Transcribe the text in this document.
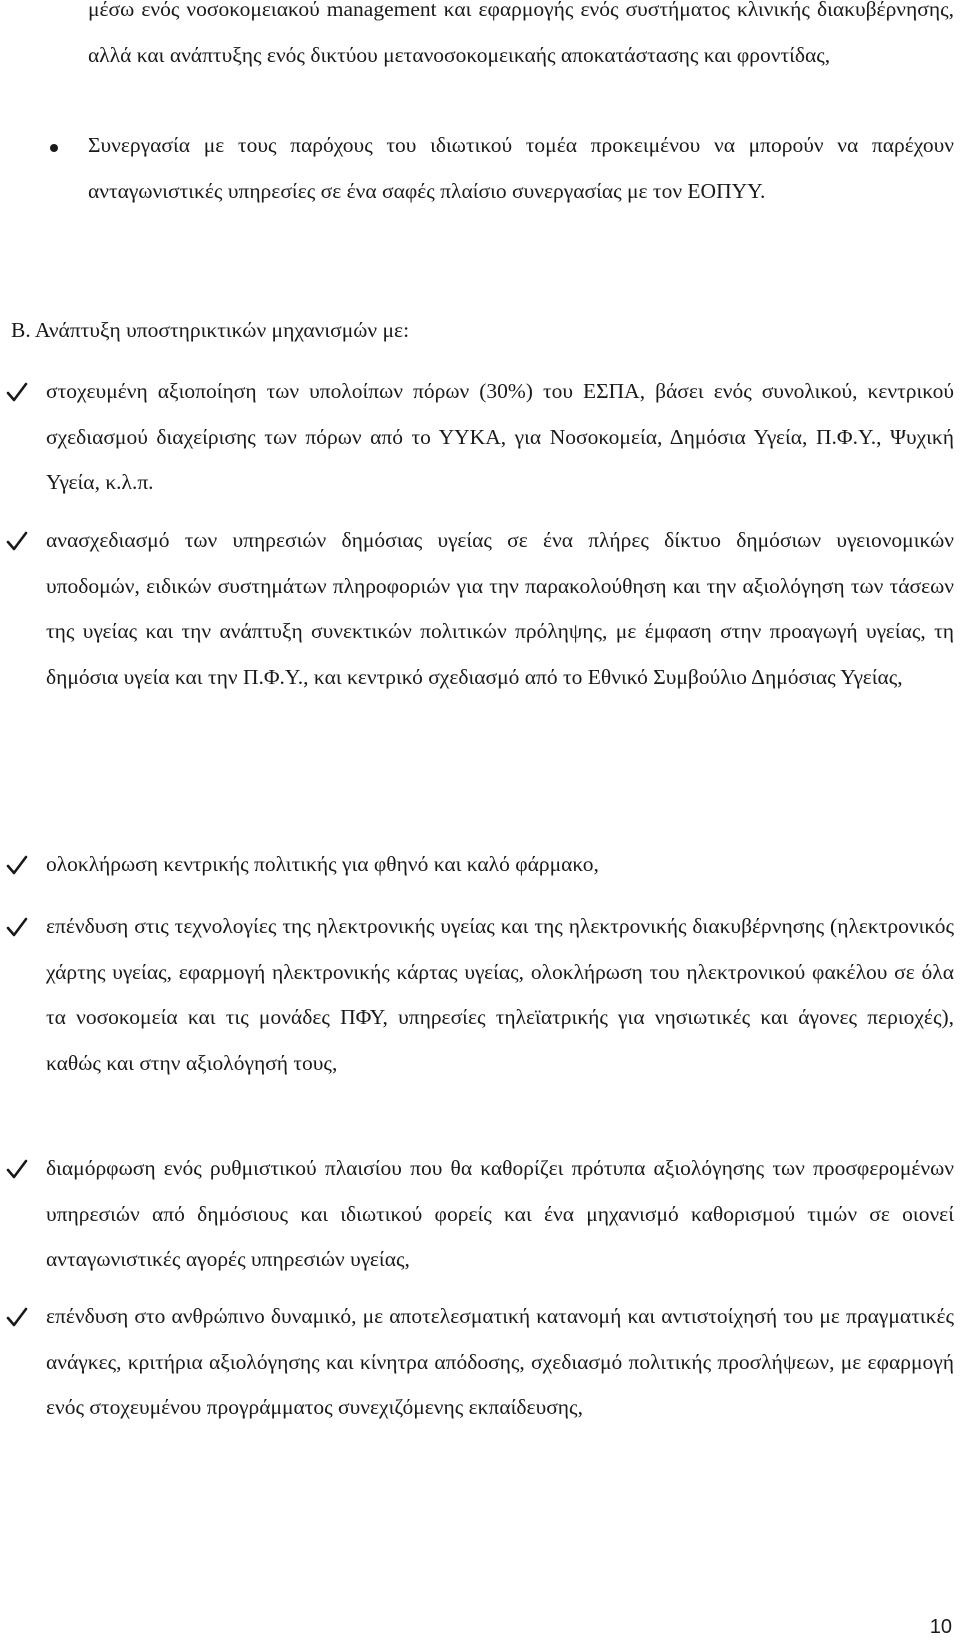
μέσω ενός νοσοκομειακού management και εφαρμογής ενός συστήματος κλινικής διακυβέρνησης, αλλά και ανάπτυξης ενός δικτύου μετανοσοκομεικαής αποκατάστασης και φροντίδας,

Συνεργασία με τους παρόχους του ιδιωτικού τομέα προκειμένου να μπορούν να παρέχουν ανταγωνιστικές υπηρεσίες σε ένα σαφές πλαίσιο συνεργασίας με τον ΕΟΠΥΥ.

Β. Ανάπτυξη υποστηρικτικών μηχανισμών με:

στοχευμένη αξιοποίηση των υπολοίπων πόρων (30%) του ΕΣΠΑ, βάσει ενός συνολικού, κεντρικού σχεδιασμού διαχείρισης των πόρων από το ΥΥΚΑ, για Νοσοκομεία, Δημόσια Υγεία, Π.Φ.Υ., Ψυχική Υγεία, κ.λ.π.

ανασχεδιασμό των υπηρεσιών δημόσιας υγείας σε ένα πλήρες δίκτυο δημόσιων υγειονομικών υποδομών, ειδικών συστημάτων πληροφοριών για την παρακολούθηση και την αξιολόγηση των τάσεων της υγείας και την ανάπτυξη συνεκτικών πολιτικών πρόληψης, με έμφαση στην προαγωγή υγείας, τη δημόσια υγεία και την Π.Φ.Υ., και κεντρικό σχεδιασμό από το Εθνικό Συμβούλιο Δημόσιας Υγείας,

ολοκλήρωση κεντρικής πολιτικής για φθηνό και καλό φάρμακο,

επένδυση στις τεχνολογίες της ηλεκτρονικής υγείας και της ηλεκτρονικής διακυβέρνησης (ηλεκτρονικός χάρτης υγείας, εφαρμογή ηλεκτρονικής κάρτας υγείας, ολοκλήρωση του ηλεκτρονικού φακέλου σε όλα τα νοσοκομεία και τις μονάδες ΠΦΥ, υπηρεσίες τηλεϊατρικής για νησιωτικές και άγονες περιοχές), καθώς και στην αξιολόγησή τους,

διαμόρφωση ενός ρυθμιστικού πλαισίου που θα καθορίζει πρότυπα αξιολόγησης των προσφερομένων υπηρεσιών από δημόσιους και ιδιωτικού φορείς και ένα μηχανισμό καθορισμού τιμών σε οιονεί ανταγωνιστικές αγορές υπηρεσιών υγείας,

επένδυση στο ανθρώπινο δυναμικό, με αποτελεσματική κατανομή και αντιστοίχησή του με πραγματικές ανάγκες, κριτήρια αξιολόγησης και κίνητρα απόδοσης, σχεδιασμό πολιτικής προσλήψεων, με εφαρμογή ενός στοχευμένου προγράμματος συνεχιζόμενης εκπαίδευσης,

10
